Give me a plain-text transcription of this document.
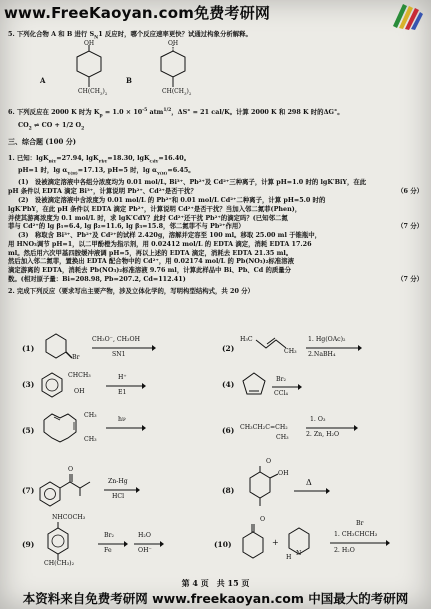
www.FreeKaoyan.com免费考研网

5. 下列化合物 A 和 B 进行 $S_N1$ 反应时，哪个反应速率更快？试通过构象分析解释。

A	B
OH
$CH(CH_3)_2$
OH
$CH(CH_3)_2$

6. 下列反应在 2000 K 时为 $K_p = 1.0 \times 10^{-5}$ atm$^{1/2}$，ΔS° = 21 cal/K。计算 2000 K 和 298 K 时的ΔG°。

$CO_2$ ⇌ CO + 1/2 $O_2$

三、综合题 (100 分)

1. 已知：lgK$_{BiY}$=27.94, lgK$_{PbY}$=18.30, lgK$_{CdY}$=16.40。

pH=1 时，$\lg \alpha_{Y(H)}=17.13$, pH=5 时，$\lg \alpha_{Y(H)}=6.45$。

(1)　设被滴定溶液中各组分浓度均为 0.01 mol/L, Bi³⁺、Pb²⁺及 Cd²⁺三种离子，计算 pH=1.0 时的 lgK′BiY，在此

pH 条件以 EDTA 滴定 Bi³⁺，计算说明 Pb²⁺、Cd²⁺是否干扰？	（6 分）

(2)　设被滴定溶液中含浓度为 0.01 mol/L 的 Pb²⁺和 0.01 mol/L Cd²⁺二种离子，计算 pH=5.0 时的

lgK′PbY，在此 pH 条件以 EDTA 滴定 Pb²⁺，计算说明 Cd²⁺是否干扰？当加入邻二氮菲(Phen)，

并使其游离浓度为 0.1 mol/L 时，求 lgK′CdY？此时 Cd²⁺还干扰 Pb²⁺的滴定吗？(已知邻二氮

菲与 Cd²⁺的 lg β₁=6.4, lg β₂=11.6, lg β₃=15.8，邻二氮菲不与 Pb²⁺作用）	（7 分）

(3)　称取含 Bi³⁺、Pb²⁺及 Cd²⁺的试样 2.420g，溶解并定容至 100 ml。移取 25.00 ml 于锥瓶中，

用 HNO₃调节 pH=1，以二甲酚橙为指示剂，用 0.02412 mol/L 的 EDTA 滴定，消耗 EDTA 17.26

ml。然后用六次甲基四胺缓冲液调 pH=5，再以上述的 EDTA 滴定，消耗去 EDTA 21.35 ml。

然后加入邻二氮菲，置换出 EDTA 配合物中的 Cd²⁺，用 0.02174 mol/L 的 Pb(NO₃)₂标准溶液

滴定游离的 EDTA，消耗去 Pb(NO₃)₂标准溶液 9.76 ml，计算此样品中 Bi、Pb、Cd 的质量分

数。(相对原子量：Bi=208.98, Pb=207.2, Cd=112.41)	（7 分）

2. 完成下列反应（要求写出主要产物，涉及立体化学的，写明构型结构式，共 20 分）

(1)
Br
CH₃O⁻, CH₃OH
SN1
(2)
H₃C
CH₃
1. Hg(OAc)₂
2.NaBH₄
(3)
CHCH₃
OH
H⁺
E1
(4)
Br₂
CCl₄
(5)
CH₃
CH₃
hν
(6) CH₃CH₂C=CH₂
CH₃
1. O₃
2. Zn, H₂O
(7)
O
Zn-Hg
HCl
(8)
O
OH
Δ
(9)
NHCOCH₃
CH(CH₃)₂
Br₂
Fe
H₂O
OH⁻
(10)
O
+
N
H
Br
1. CH₃CHCH₃
2. H₂O
第 4 页　共 15 页
本资料来自免费考研网 www.freekaoyan.com 中国最大的考研网
